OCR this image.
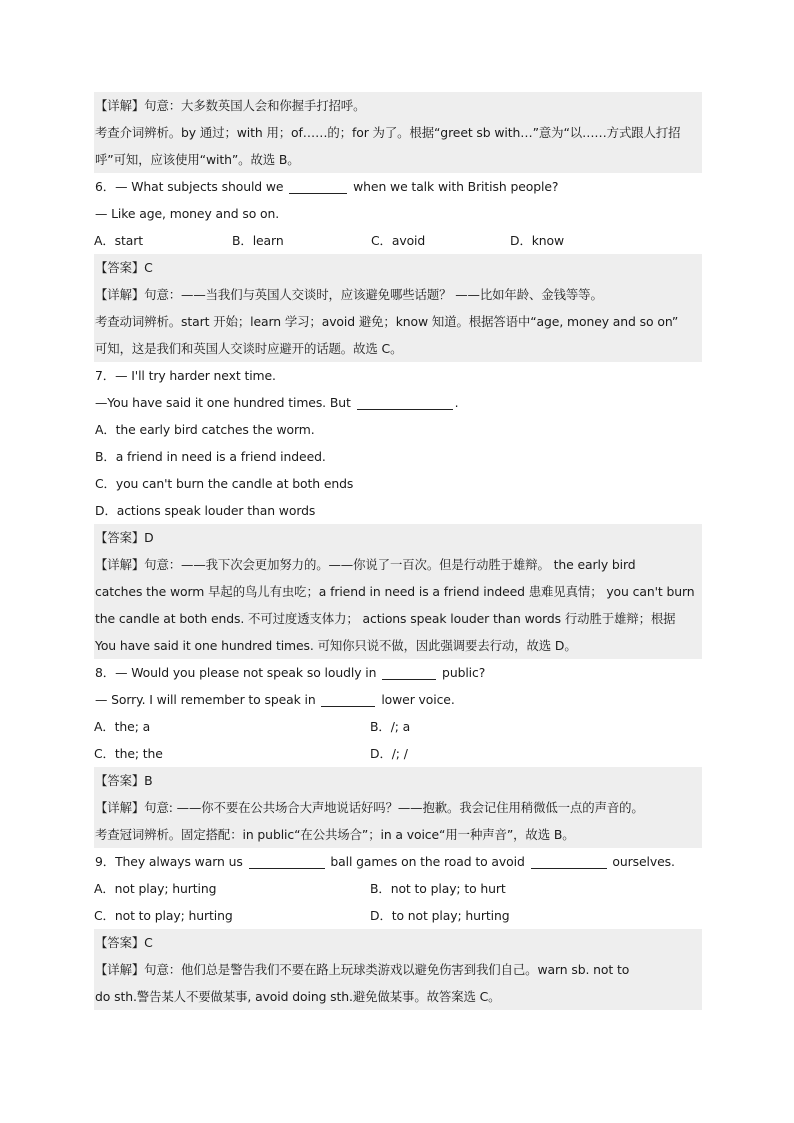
【详解】句意：大多数英国人会和你握手打招呼。
考查介词辨析。by 通过；with 用；of……的；for 为了。根据“greet sb with…”意为“以……方式跟人打招
呼”可知，应该使用“with”。故选 B。
6．— What subjects should we	when we talk with British people?
— Like age, money and so on.
A．start	B．learn	C．avoid	D．know
【答案】C
【详解】句意：——当我们与英国人交谈时，应该避免哪些话题？ ——比如年龄、金钱等等。
考查动词辨析。start 开始；learn 学习；avoid 避免；know 知道。根据答语中“age, money and so on”
可知，这是我们和英国人交谈时应避开的话题。故选 C。
7．— I'll try harder next time.
—You have said it one hundred times. But	.
A．the early bird catches the worm.
B．a friend in need is a friend indeed.
C．you can't burn the candle at both ends
D．actions speak louder than words
【答案】D
【详解】句意：——我下次会更加努力的。——你说了一百次。但是行动胜于雄辩。 the early bird
catches the worm 早起的鸟儿有虫吃；a friend in need is a friend indeed 患难见真情； you can't burn
the candle at both ends. 不可过度透支体力； actions speak louder than words 行动胜于雄辩；根据
You have said it one hundred times. 可知你只说不做，因此强调要去行动，故选 D。
8．— Would you please not speak so loudly in	public?
— Sorry. I will remember to speak in	lower voice.
A．the; a	B．/; a
C．the; the	D．/; /
【答案】B
【详解】句意: ——你不要在公共场合大声地说话好吗？——抱歉。我会记住用稍微低一点的声音的。
考查冠词辨析。固定搭配：in public“在公共场合”；in a voice“用一种声音”，故选 B。
9．They always warn us	ball games on the road to avoid	ourselves.
A．not play; hurting	B．not to play; to hurt
C．not to play; hurting	D．to not play; hurting
【答案】C
【详解】句意：他们总是警告我们不要在路上玩球类游戏以避免伤害到我们自己。warn sb. not to
do sth.警告某人不要做某事, avoid doing sth.避免做某事。故答案选 C。
